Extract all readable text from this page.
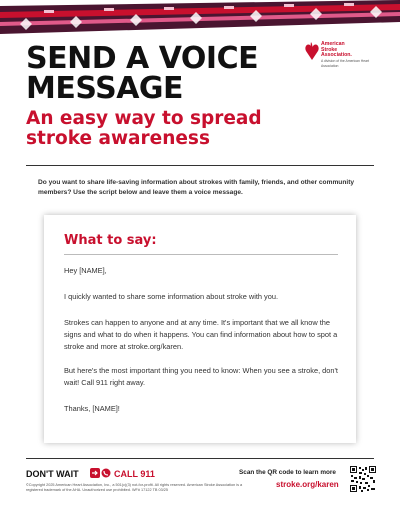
American
Stroke
Association.
A division of the American Heart Association
SEND A VOICE MESSAGE
An easy way to spread stroke awareness
Do you want to share life-saving information about strokes with family, friends, and other community members? Use the script below and leave them a voice message.
What to say:
Hey [NAME],
I quickly wanted to share some information about stroke with you.
Strokes can happen to anyone and at any time. It's important that we all know the signs and what to do when it happens. You can find information about how to spot a stroke and more at stroke.org/karen.
But here's the most important thing you need to know: When you see a stroke, don't wait! Call 911 right away.
Thanks, [NAME]!
DON'T WAIT	CALL 911
©Copyright 2025 American Heart Association, Inc., a 501(c)(3) not-for-profit. All rights reserved. American Stroke Association is a registered trademark of the AHA. Unauthorized use prohibited. WF# 17122 TB 03/25
Scan the QR code to learn more
stroke.org/karen
